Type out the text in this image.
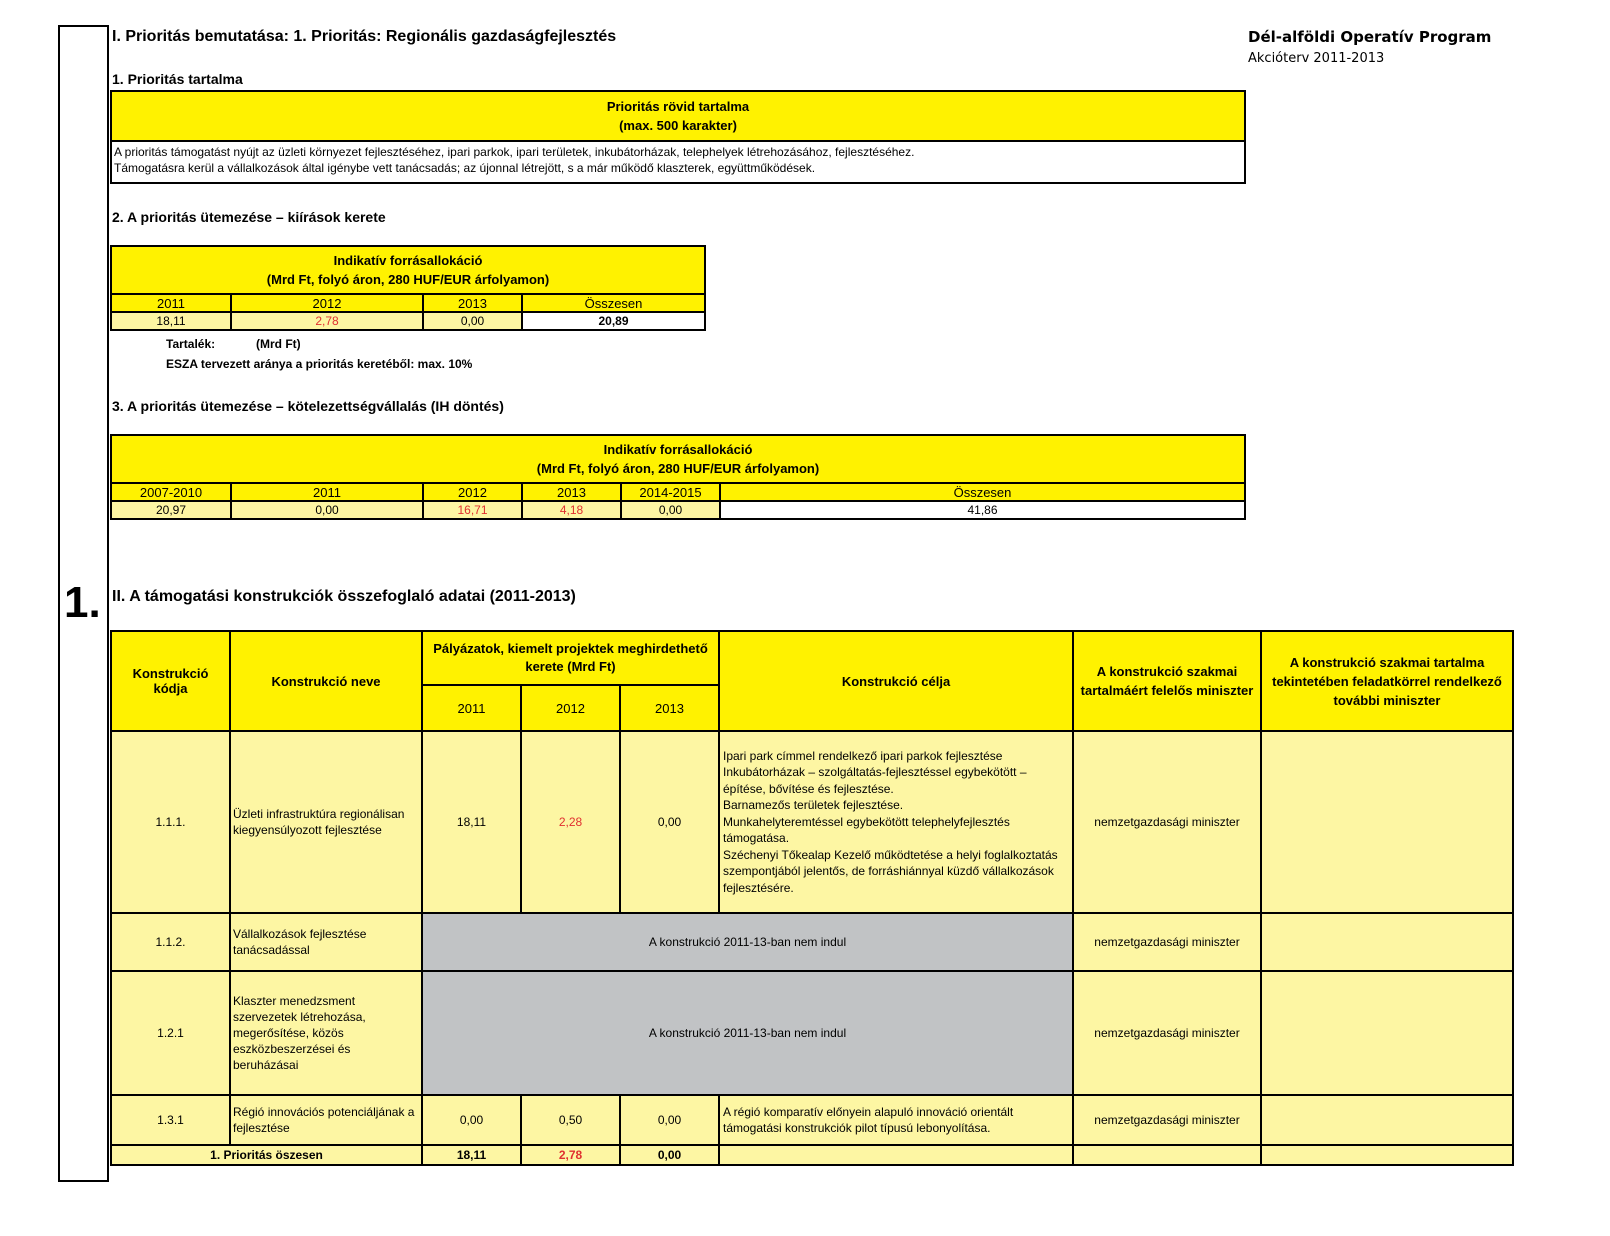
1.
I. Prioritás bemutatása: 1. Prioritás: Regionális gazdaságfejlesztés	Dél-alföldi Operatív Program
Akcióterv 2011-2013
1. Prioritás tartalma
Prioritás rövid tartalma
(max. 500 karakter)

A prioritás támogatást nyújt az üzleti környezet fejlesztéséhez, ipari parkok, ipari területek, inkubátorházak, telephelyek létrehozásához, fejlesztéséhez.
Támogatásra kerül a vállalkozások által igénybe vett tanácsadás; az újonnal létrejött, s a már működő klaszterek, együttműködések.
2. A prioritás ütemezése – kiírások kerete
Indikatív forrásallokáció
(Mrd Ft, folyó áron, 280 HUF/EUR árfolyamon)			

2011	2012	2013	Összesen
18,11	2,78	0,00	20,89
Tartalék:	(Mrd Ft)
ESZA tervezett aránya a prioritás keretéből: max. 10%
3. A prioritás ütemezése – kötelezettségvállalás (IH döntés)
Indikatív forrásallokáció
(Mrd Ft, folyó áron, 280 HUF/EUR árfolyamon)					

2007-2010	2011	2012	2013	2014-2015	Összesen
20,97	0,00	16,71	4,18	0,00	41,86
II. A támogatási konstrukciók összefoglaló adatai (2011-2013)
Konstrukció kódja	Konstrukció neve	Pályázatok, kiemelt projektek meghirdethető kerete (Mrd Ft)			Konstrukció célja	A konstrukció szakmai tartalmáért felelős miniszter	A konstrukció szakmai tartalma tekintetében feladatkörrel rendelkező további miniszter
		2011	2012	2013			
1.1.1.	Üzleti infrastruktúra regionálisan kiegyensúlyozott fejlesztése	18,11	2,28	0,00	Ipari park címmel rendelkező ipari parkok fejlesztése
Inkubátorházak – szolgáltatás-fejlesztéssel egybekötött – építése, bővítése és fejlesztése.
Barnamezős területek fejlesztése.
Munkahelyteremtéssel egybekötött telephelyfejlesztés támogatása.
Széchenyi Tőkealap Kezelő működtetése a helyi foglalkoztatás szempontjából jelentős, de forráshiánnyal küzdő vállalkozások fejlesztésére.	nemzetgazdasági miniszter	
1.1.2.	Vállalkozások fejlesztése tanácsadással	A konstrukció 2011-13-ban nem indul				nemzetgazdasági miniszter	
1.2.1	Klaszter menedzsment szervezetek létrehozása, megerősítése, közös eszközbeszerzései és beruházásai	A konstrukció 2011-13-ban nem indul				nemzetgazdasági miniszter	
1.3.1	Régió innovációs potenciáljának a fejlesztése	0,00	0,50	0,00	A régió komparatív előnyein alapuló innováció orientált támogatási konstrukciók pilot típusú lebonyolítása.	nemzetgazdasági miniszter	
1. Prioritás öszesen		18,11	2,78	0,00			
